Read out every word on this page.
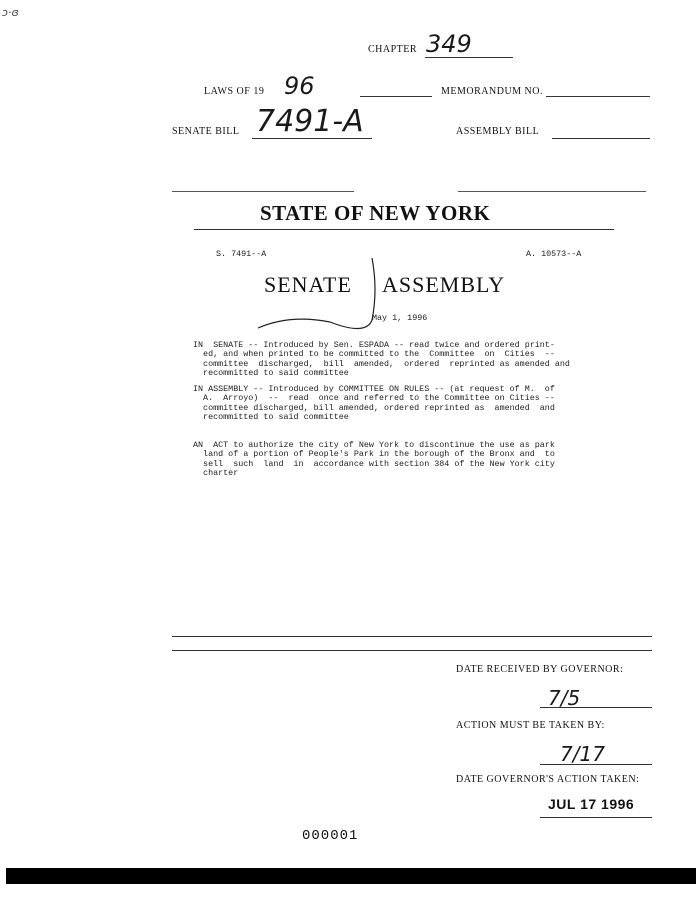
ɔ·ɞ
CHAPTER 349
LAWS OF 19 96	MEMORANDUM NO.
SENATE BILL 7491-A	ASSEMBLY BILL
STATE OF NEW YORK
S. 7491--A	A. 10573--A
SENATE ASSEMBLY
May 1, 1996
IN  SENATE -- Introduced by Sen. ESPADA -- read twice and ordered print-
ed, and when printed to be committed to the  Committee  on  Cities  --
committee  discharged,  bill  amended,  ordered  reprinted as amended and
recommitted to said committee
IN ASSEMBLY -- Introduced by COMMITTEE ON RULES -- (at request of M.  of
A.  Arroyo)  --  read  once and referred to the Committee on Cities --
committee discharged, bill amended, ordered reprinted as  amended  and
recommitted to said committee
AN  ACT to authorize the city of New York to discontinue the use as park
land of a portion of People's Park in the borough of the Bronx and  to
sell  such  land  in  accordance with section 384 of the New York city
charter
DATE RECEIVED BY GOVERNOR:
7/5
ACTION MUST BE TAKEN BY:
7/17
DATE GOVERNOR'S ACTION TAKEN:
JUL 17 1996
000001
